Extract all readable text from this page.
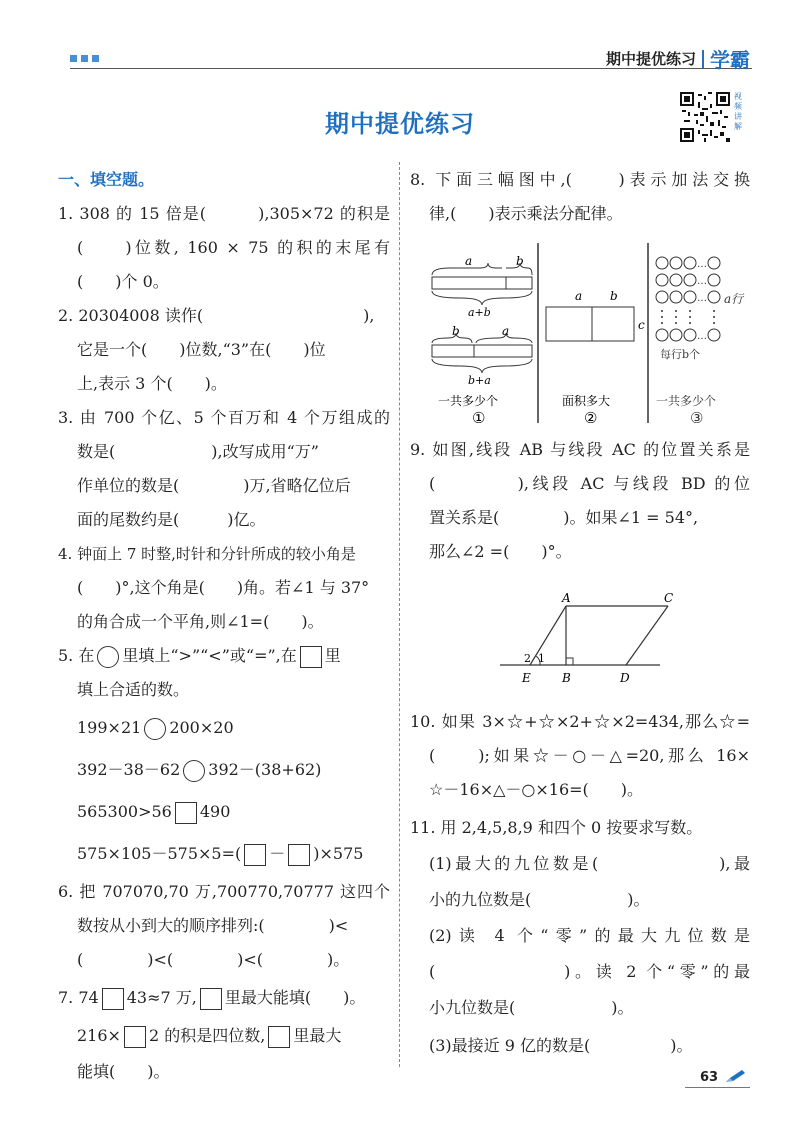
期中提优练习 学霸
期中提优练习
视频讲解
一、填空题。
1. 308 的 15 倍是(　　　),305×72 的积是
(　　)位数, 160 × 75 的积的末尾有
(　　)个 0。
2. 20304008 读作(　　　　　　　　　　),
它是一个(　　)位数,“3”在(　　)位
上,表示 3 个(　　)。
3. 由 700 个亿、5 个百万和 4 个万组成的
数是(　　　　　　),改写成用“万”
作单位的数是(　　　　)万,省略亿位后
面的尾数约是(　　　)亿。
4. 钟面上 7 时整,时针和分针所成的较小角是
(　　)°,这个角是(　　)角。若∠1 与 37°
的角合成一个平角,则∠1=(　　)。
5. 在 里填上“>”“<”或“=”,在 里
填上合适的数。
199×21 200×20
392－38－62 392－(38+62)
565300>56 490
575×105－575×5=( － )×575
6. 把 707070,70 万,700770,70777 这四个
数按从小到大的顺序排列:(　　　　)<
(　　　　)<(　　　　)<(　　　　)。
7. 74 43≈7 万, 里最大能填(　　)。
216× 2 的积是四位数, 里最大
能填(　　)。
8. 下面三幅图中,(　　)表示加法交换
律,(　　)表示乘法分配律。
a	b
a+b
b	a
b+a
一共多少个
①
a b
c
面积多大
②
…
…
…
…
a行
每行b个
一共多少个
③
9. 如图,线段 AB 与线段 AC 的位置关系是
(　　　　),线段 AC 与线段 BD 的位
置关系是(　　　　)。如果∠1 = 54°,
那么∠2 =(　　)°。
A	C
E	B	D
1
2
10. 如果 3×☆+☆×2+☆×2=434,那么☆=
(　　);如果☆－○－△=20,那么 16×
☆－16×△－○×16=(　　)。
11. 用 2,4,5,8,9 和四个 0 按要求写数。
(1)最大的九位数是(　　　　　　),最
小的九位数是(　　　　　　)。
(2)读 4 个“零”的最大九位数是
(　　　　　　)。读 2 个“零”的最
小九位数是(　　　　　　)。
(3)最接近 9 亿的数是(　　　　　)。
63
